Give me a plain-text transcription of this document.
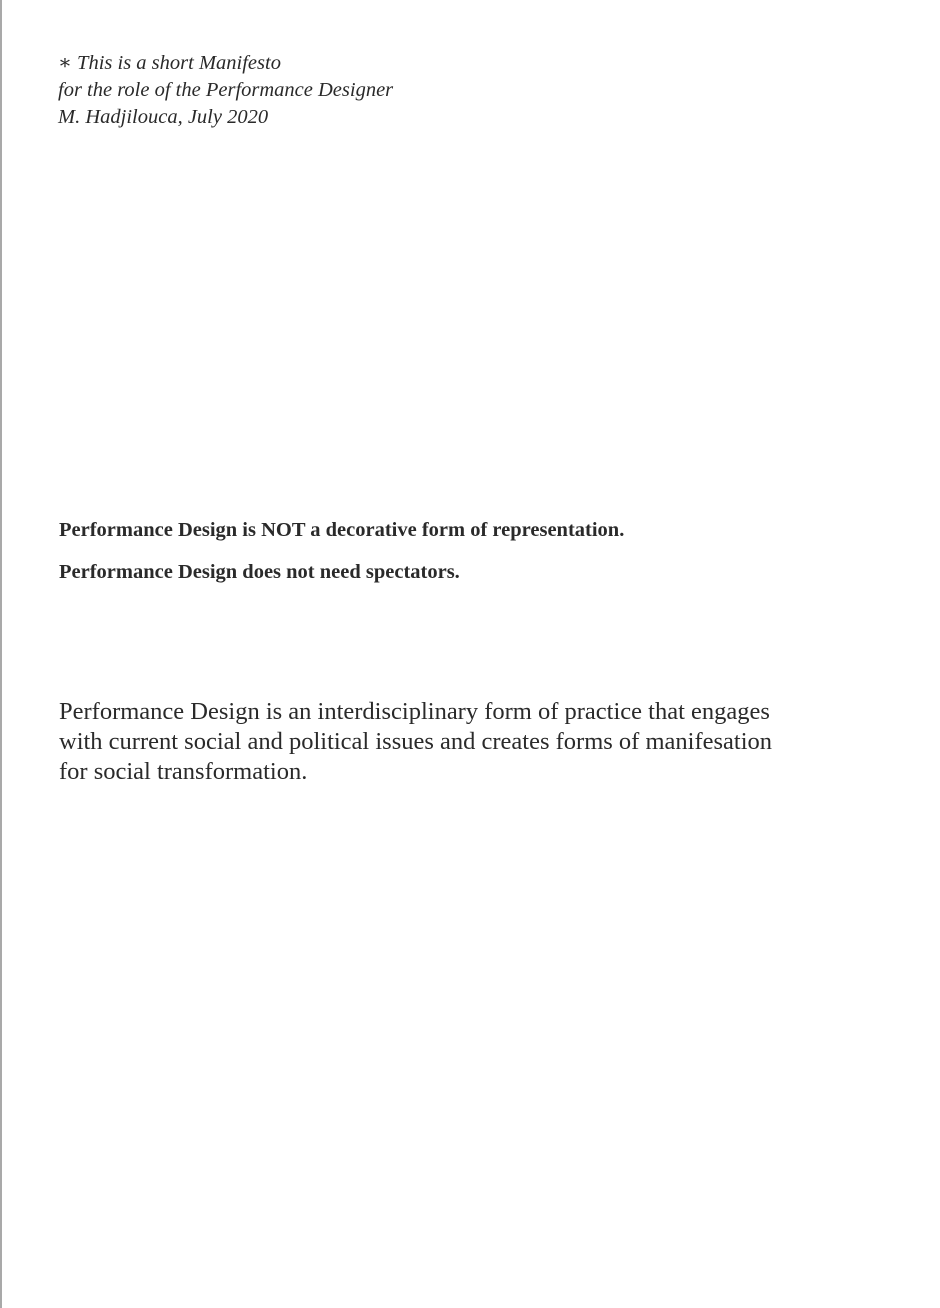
∗ This is a short Manifesto
for the role of the Performance Designer
M. Hadjilouca, July 2020
Performance Design is NOT a decorative form of representation.
Performance Design does not need spectators.
Performance Design is an interdisciplinary form of practice that engages
with current social and political issues and creates forms of manifesation
for social transformation.
